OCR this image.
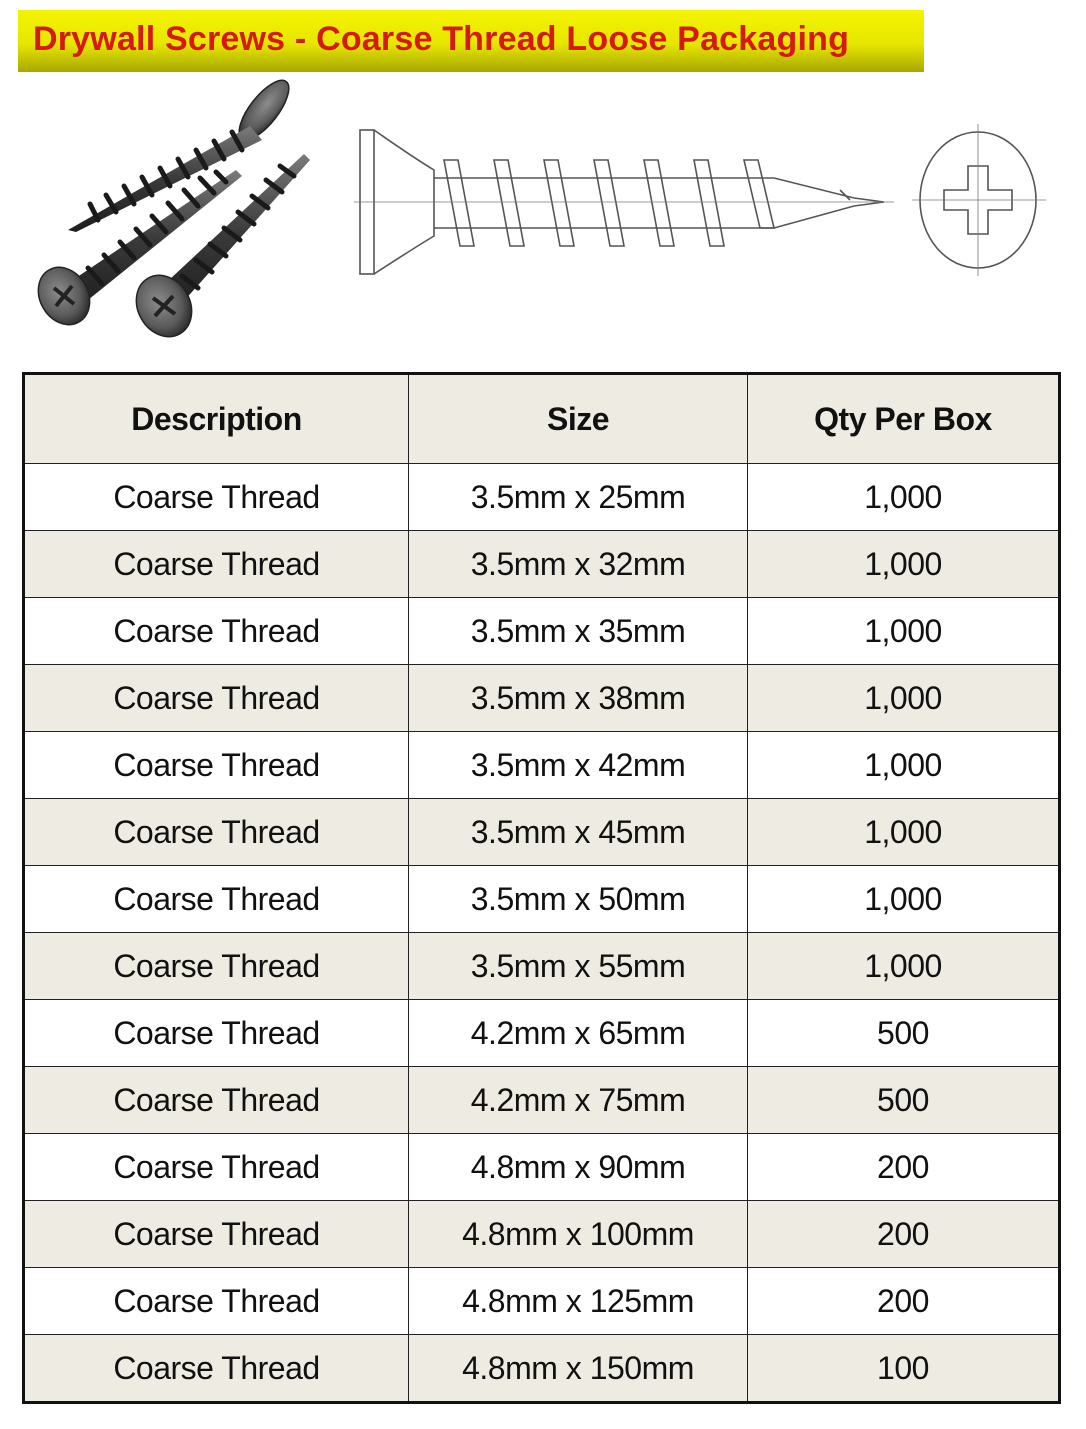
Drywall Screws - Coarse Thread Loose Packaging
Description	Size	Qty Per Box
Coarse Thread	3.5mm x 25mm	1,000
Coarse Thread	3.5mm x 32mm	1,000
Coarse Thread	3.5mm x 35mm	1,000
Coarse Thread	3.5mm x 38mm	1,000
Coarse Thread	3.5mm x 42mm	1,000
Coarse Thread	3.5mm x 45mm	1,000
Coarse Thread	3.5mm x 50mm	1,000
Coarse Thread	3.5mm x 55mm	1,000
Coarse Thread	4.2mm x 65mm	500
Coarse Thread	4.2mm x 75mm	500
Coarse Thread	4.8mm x 90mm	200
Coarse Thread	4.8mm x 100mm	200
Coarse Thread	4.8mm x 125mm	200
Coarse Thread	4.8mm x 150mm	100
